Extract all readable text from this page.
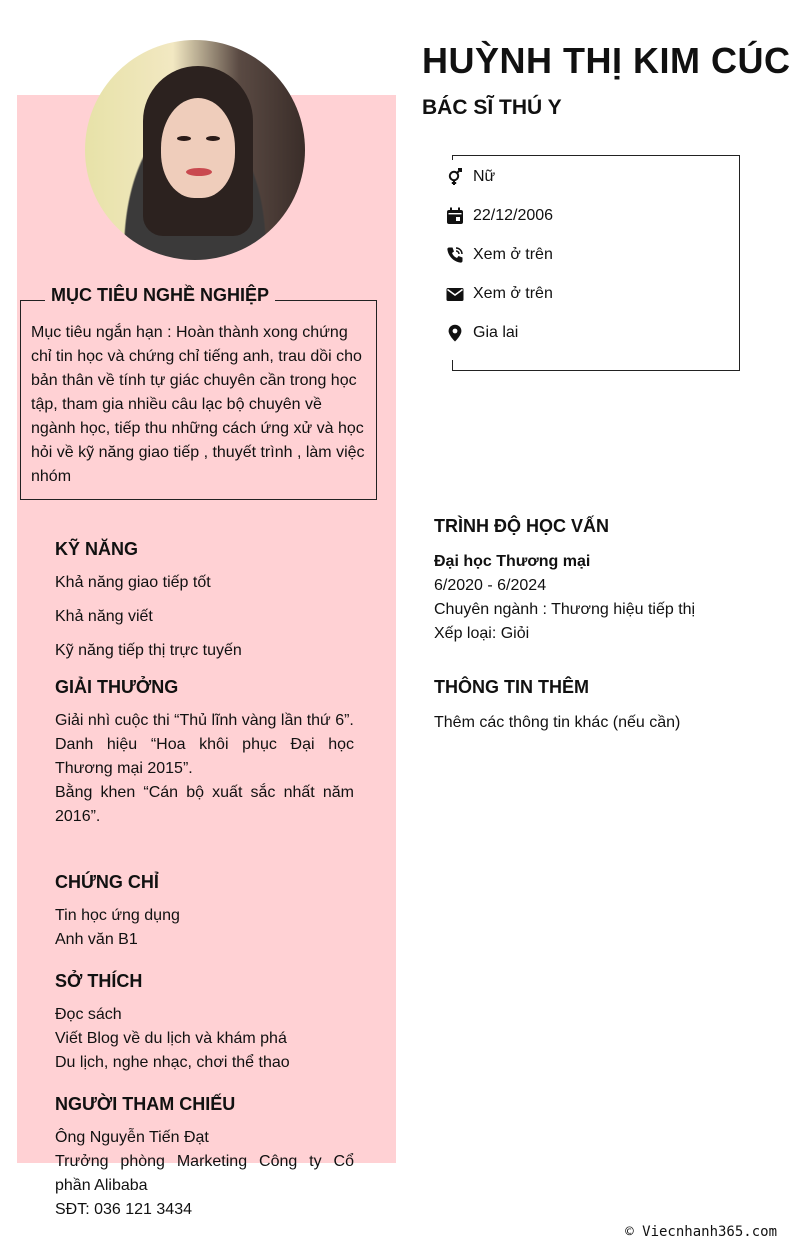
HUỲNH THỊ KIM CÚC
BÁC SĨ THÚ Y
Nữ
22/12/2006
Xem ở trên
Xem ở trên
Gia lai
MỤC TIÊU NGHỀ NGHIỆP

Mục tiêu ngắn hạn : Hoàn thành xong chứng chỉ tin học và chứng chỉ tiếng anh, trau dồi cho bản thân về tính tự giác chuyên cần trong học tập, tham gia nhiều câu lạc bộ chuyên về ngành học, tiếp thu những cách ứng xử và học hỏi về kỹ năng giao tiếp , thuyết trình , làm việc nhóm

KỸ NĂNG
Khả năng giao tiếp tốt
Khả năng viết
Kỹ năng tiếp thị trực tuyến
GIẢI THƯỞNG
Giải nhì cuộc thi “Thủ lĩnh vàng lần thứ 6”.
Danh hiệu “Hoa khôi phục Đại học Thương mại 2015”.
Bằng khen “Cán bộ xuất sắc nhất năm 2016”.
CHỨNG CHỈ
Tin học ứng dụng
Anh văn B1
SỞ THÍCH
Đọc sách
Viết Blog về du lịch và khám phá
Du lịch, nghe nhạc, chơi thể thao
NGƯỜI THAM CHIẾU
Ông Nguyễn Tiến Đạt
Trưởng phòng Marketing Công ty Cổ phần Alibaba
SĐT: 036 121 3434
TRÌNH ĐỘ HỌC VẤN
Đại học Thương mại
6/2020 - 6/2024
Chuyên ngành : Thương hiệu tiếp thị
Xếp loại: Giỏi
THÔNG TIN THÊM

Thêm các thông tin khác (nếu cần)

© Viecnhanh365.com
